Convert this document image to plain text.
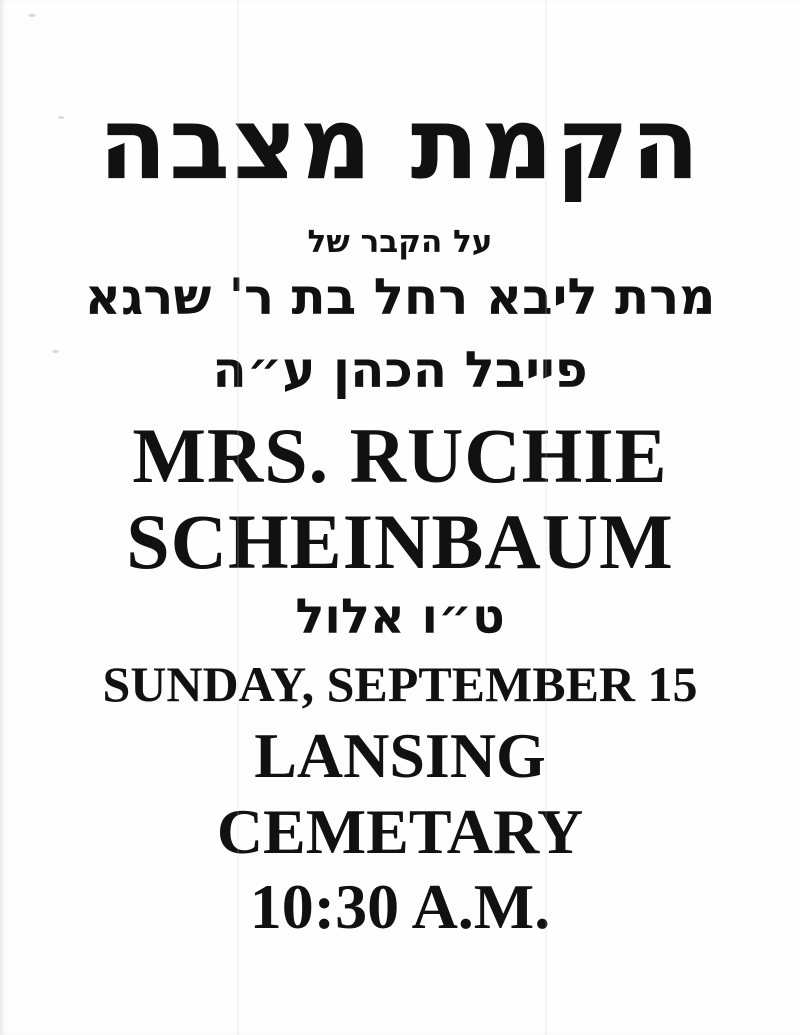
הקמת מצבה
על הקבר של
מרת ליבא רחל בת ר' שרגא
פייבל הכהן ע״ה
MRS. RUCHIE
SCHEINBAUM
ט״ו אלול
SUNDAY, SEPTEMBER 15
LANSING
CEMETARY
10:30 A.M.
